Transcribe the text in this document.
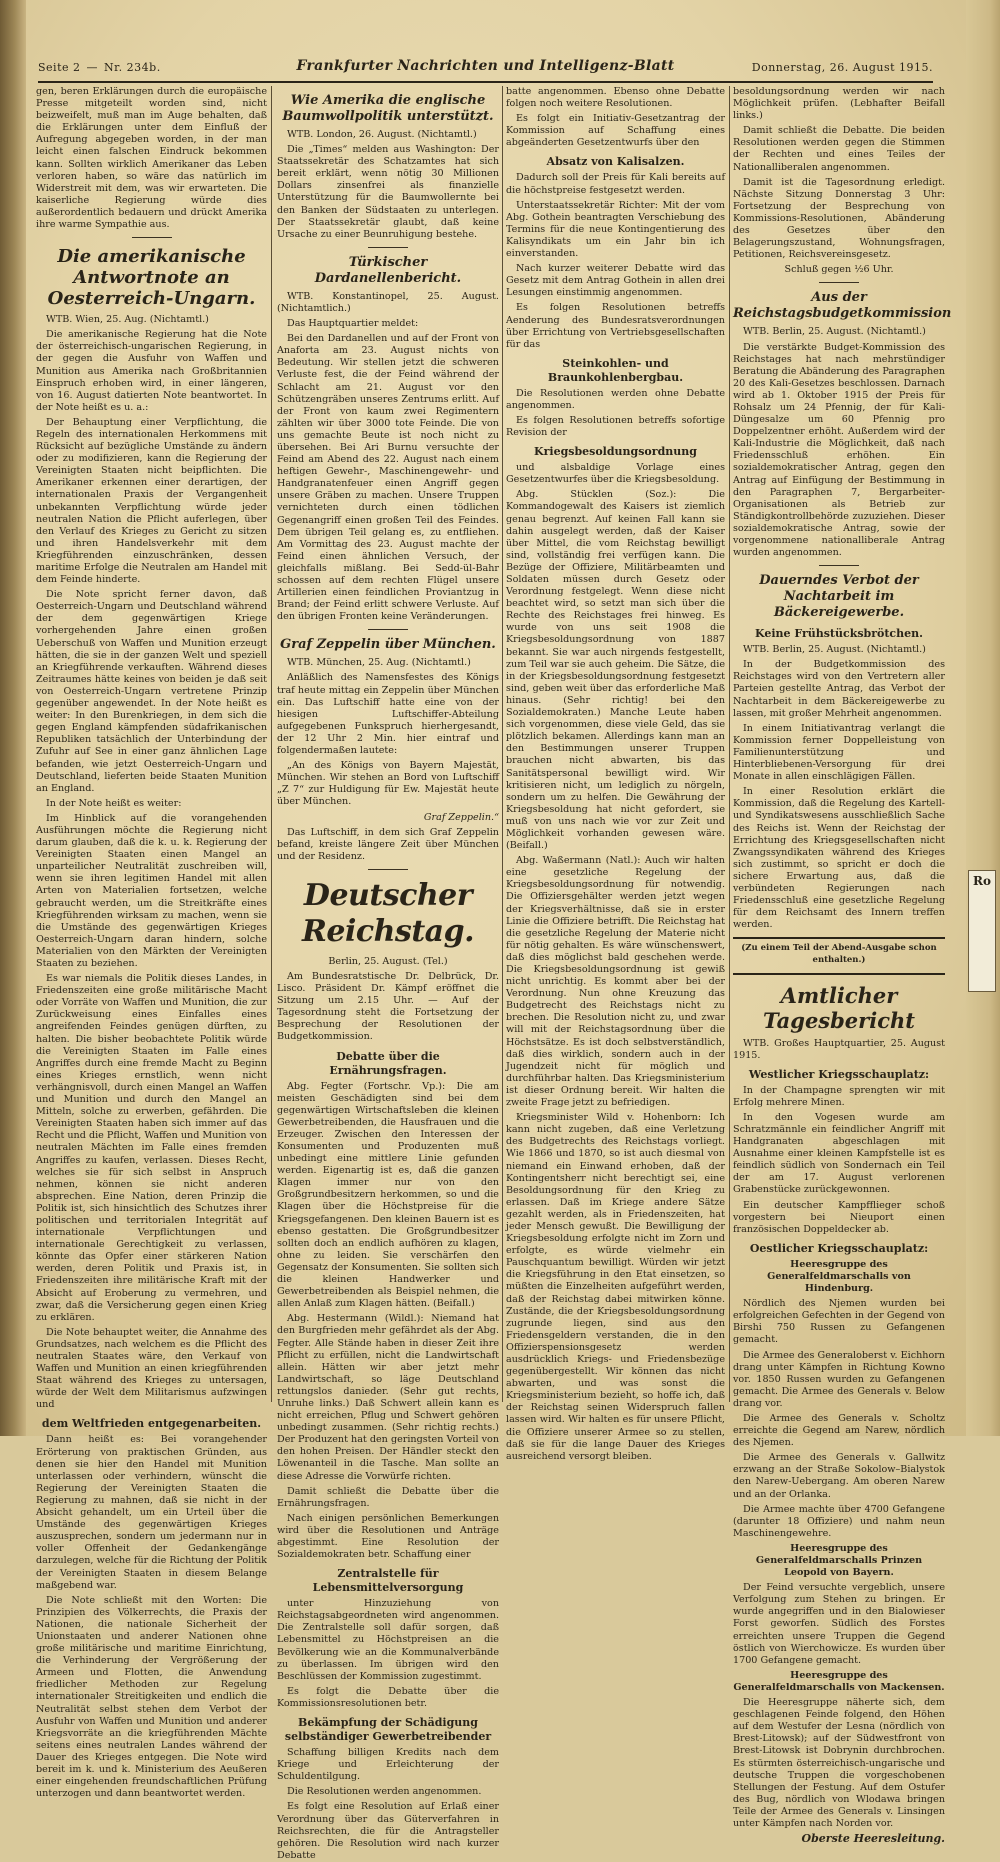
Ro
Seite 2 — Nr. 234b.	Frankfurter Nachrichten und Intelligenz-Blatt	Donnerstag, 26. August 1915.

gen, beren Erklärungen durch die europäische Presse mitgeteilt worden sind, nicht beizweifelt, muß man im Auge behalten, daß die Erklärungen unter dem Einfluß der Aufregung abgegeben worden, in der man leicht einen falschen Eindruck bekommen kann. Sollten wirklich Amerikaner das Leben verloren haben, so wäre das natürlich im Widerstreit mit dem, was wir erwarteten. Die kaiserliche Regierung würde dies außerordentlich bedauern und drückt Amerika ihre warme Sympathie aus.

Die amerikanische Antwortnote an Oesterreich-Ungarn.

WTB. Wien, 25. Aug. (Nichtamtl.)

Die amerikanische Regierung hat die Note der österreichisch-ungarischen Regierung, in der gegen die Ausfuhr von Waffen und Munition aus Amerika nach Großbritannien Einspruch erhoben wird, in einer längeren, von 16. August datierten Note beantwortet. In der Note heißt es u. a.:

Der Behauptung einer Verpflichtung, die Regeln des internationalen Herkommens mit Rücksicht auf bezügliche Umstände zu ändern oder zu modifizieren, kann die Regierung der Vereinigten Staaten nicht beipflichten. Die Amerikaner erkennen einer derartigen, der internationalen Praxis der Vergangenheit unbekannten Verpflichtung würde jeder neutralen Nation die Pflicht auferlegen, über den Verlauf des Krieges zu Gericht zu sitzen und ihren Handelsverkehr mit dem Kriegführenden einzuschränken, dessen maritime Erfolge die Neutralen am Handel mit dem Feinde hinderte.

Die Note spricht ferner davon, daß Oesterreich-Ungarn und Deutschland während der dem gegenwärtigen Kriege vorhergehenden Jahre einen großen Ueberschuß von Waffen und Munition erzeugt hätten, die sie in der ganzen Welt und speziell an Kriegführende verkauften. Während dieses Zeitraumes hätte keines von beiden je daß seit von Oesterreich-Ungarn vertretene Prinzip gegenüber angewendet. In der Note heißt es weiter: In den Burenkriegen, in dem sich die gegen England kämpfenden südafrikanischen Republiken tatsächlich der Unterbindung der Zufuhr auf See in einer ganz ähnlichen Lage befanden, wie jetzt Oesterreich-Ungarn und Deutschland, lieferten beide Staaten Munition an England.

In der Note heißt es weiter:

Im Hinblick auf die vorangehenden Ausführungen möchte die Regierung nicht darum glauben, daß die k. u. k. Regierung der Vereinigten Staaten einen Mangel an unparteilicher Neutralität zuschreiben will, wenn sie ihren legitimen Handel mit allen Arten von Materialien fortsetzen, welche gebraucht werden, um die Streitkräfte eines Kriegführenden wirksam zu machen, wenn sie die Umstände des gegenwärtigen Krieges Oesterreich-Ungarn daran hindern, solche Materialien von den Märkten der Vereinigten Staaten zu beziehen.

Es war niemals die Politik dieses Landes, in Friedenszeiten eine große militärische Macht oder Vorräte von Waffen und Munition, die zur Zurückweisung eines Einfalles eines angreifenden Feindes genügen dürften, zu halten. Die bisher beobachtete Politik würde die Vereinigten Staaten im Falle eines Angriffes durch eine fremde Macht zu Beginn eines Krieges ernstlich, wenn nicht verhängnisvoll, durch einen Mangel an Waffen und Munition und durch den Mangel an Mitteln, solche zu erwerben, gefährden. Die Vereinigten Staaten haben sich immer auf das Recht und die Pflicht, Waffen und Munition von neutralen Mächten im Falle eines fremden Angriffes zu kaufen, verlassen. Dieses Recht, welches sie für sich selbst in Anspruch nehmen, können sie nicht anderen absprechen. Eine Nation, deren Prinzip die Politik ist, sich hinsichtlich des Schutzes ihrer politischen und territorialen Integrität auf internationale Verpflichtungen und internationale Gerechtigkeit zu verlassen, könnte das Opfer einer stärkeren Nation werden, deren Politik und Praxis ist, in Friedenszeiten ihre militärische Kraft mit der Absicht auf Eroberung zu vermehren, und zwar, daß die Versicherung gegen einen Krieg zu erklären.

Die Note behauptet weiter, die Annahme des Grundsatzes, nach welchem es die Pflicht des neutralen Staates wäre, den Verkauf von Waffen und Munition an einen kriegführenden Staat während des Krieges zu untersagen, würde der Welt dem Militarismus aufzwingen und

dem Weltfrieden entgegenarbeiten.

Dann heißt es: Bei vorangehender Erörterung von praktischen Gründen, aus denen sie hier den Handel mit Munition unterlassen oder verhindern, wünscht die Regierung der Vereinigten Staaten die Regierung zu mahnen, daß sie nicht in der Absicht gehandelt, um ein Urteil über die Umstände des gegenwärtigen Krieges auszusprechen, sondern um jedermann nur in voller Offenheit der Gedankengänge darzulegen, welche für die Richtung der Politik der Vereinigten Staaten in diesem Belange maßgebend war.

Die Note schließt mit den Worten: Die Prinzipien des Völkerrechts, die Praxis der Nationen, die nationale Sicherheit der Unionstaaten und anderer Nationen ohne große militärische und maritime Einrichtung, die Verhinderung der Vergrößerung der Armeen und Flotten, die Anwendung friedlicher Methoden zur Regelung internationaler Streitigkeiten und endlich die Neutralität selbst stehen dem Verbot der Ausfuhr von Waffen und Munition und anderer Kriegsvorräte an die kriegführenden Mächte seitens eines neutralen Landes während der Dauer des Krieges entgegen. Die Note wird bereit im k. und k. Ministerium des Aeußeren einer eingehenden freundschaftlichen Prüfung unterzogen und dann beantwortet werden.

Wie Amerika die englische Baumwollpolitik unterstützt.

WTB. London, 26. August. (Nichtamtl.)

Die „Times“ melden aus Washington: Der Staatssekretär des Schatzamtes hat sich bereit erklärt, wenn nötig 30 Millionen Dollars zinsenfrei als finanzielle Unterstützung für die Baumwollernte bei den Banken der Südstaaten zu unterlegen. Der Staatssekretär glaubt, daß keine Ursache zu einer Beunruhigung bestehe.

Türkischer Dardanellenbericht.

WTB. Konstantinopel, 25. August. (Nichtamtlich.)

Das Hauptquartier meldet:

Bei den Dardanellen und auf der Front von Anaforta am 23. August nichts von Bedeutung. Wir stellen jetzt die schweren Verluste fest, die der Feind während der Schlacht am 21. August vor den Schützengräben unseres Zentrums erlitt. Auf der Front von kaum zwei Regimentern zählten wir über 3000 tote Feinde. Die von uns gemachte Beute ist noch nicht zu übersehen. Bei Ari Burnu versuchte der Feind am Abend des 22. August nach einem heftigen Gewehr-, Maschinengewehr- und Handgranatenfeuer einen Angriff gegen unsere Gräben zu machen. Unsere Truppen vernichteten durch einen tödlichen Gegenangriff einen großen Teil des Feindes. Dem übrigen Teil gelang es, zu entfliehen. Am Vormittag des 23. August machte der Feind einen ähnlichen Versuch, der gleichfalls mißlang. Bei Sedd-ül-Bahr schossen auf dem rechten Flügel unsere Artillerien einen feindlichen Proviantzug in Brand; der Feind erlitt schwere Verluste. Auf den übrigen Fronten keine Veränderungen.

Graf Zeppelin über München.

WTB. München, 25. Aug. (Nichtamtl.)

Anläßlich des Namensfestes des Königs traf heute mittag ein Zeppelin über München ein. Das Luftschiff hatte eine von der hiesigen Luftschiffer-Abteilung aufgegebenen Funkspruch hierhergesandt, der 12 Uhr 2 Min. hier eintraf und folgendermaßen lautete:

„An des Königs von Bayern Majestät, München. Wir stehen an Bord von Luftschiff „Z 7“ zur Huldigung für Ew. Majestät heute über München.

Graf Zeppelin.“

Das Luftschiff, in dem sich Graf Zeppelin befand, kreiste längere Zeit über München und der Residenz.

Deutscher Reichstag.

Berlin, 25. August. (Tel.)

Am Bundesratstische Dr. Delbrück, Dr. Lisco. Präsident Dr. Kämpf eröffnet die Sitzung um 2.15 Uhr. — Auf der Tagesordnung steht die Fortsetzung der Besprechung der Resolutionen der Budgetkommission.

Debatte über die Ernährungsfragen.

Abg. Fegter (Fortschr. Vp.): Die am meisten Geschädigten sind bei dem gegenwärtigen Wirtschaftsleben die kleinen Gewerbetreibenden, die Hausfrauen und die Erzeuger. Zwischen den Interessen der Konsumenten und Produzenten muß unbedingt eine mittlere Linie gefunden werden. Eigenartig ist es, daß die ganzen Klagen immer nur von den Großgrundbesitzern herkommen, so und die Klagen über die Höchstpreise für die Kriegsgefangenen. Den kleinen Bauern ist es ebenso gestatten. Die Großgrundbesitzer sollten doch an endlich aufhören zu klagen, ohne zu leiden. Sie verschärfen den Gegensatz der Konsumenten. Sie sollten sich die kleinen Handwerker und Gewerbetreibenden als Beispiel nehmen, die allen Anlaß zum Klagen hätten. (Beifall.)

Abg. Hestermann (Wildl.): Niemand hat den Burgfrieden mehr gefährdet als der Abg. Fegter. Alle Stände haben in dieser Zeit ihre Pflicht zu erfüllen, nicht die Landwirtschaft allein. Hätten wir aber jetzt mehr Landwirtschaft, so läge Deutschland rettungslos danieder. (Sehr gut rechts, Unruhe links.) Daß Schwert allein kann es nicht erreichen, Pflug und Schwert gehören unbedingt zusammen. (Sehr richtig rechts.) Der Produzent hat den geringsten Vorteil von den hohen Preisen. Der Händler steckt den Löwenanteil in die Tasche. Man sollte an diese Adresse die Vorwürfe richten.

Damit schließt die Debatte über die Ernährungsfragen.

Nach einigen persönlichen Bemerkungen wird über die Resolutionen und Anträge abgestimmt. Eine Resolution der Sozialdemokraten betr. Schaffung einer

Zentralstelle für Lebensmittelversorgung

unter Hinzuziehung von Reichstagsabgeordneten wird angenommen. Die Zentralstelle soll dafür sorgen, daß Lebensmittel zu Höchstpreisen an die Bevölkerung wie an die Kommunalverbände zu überlassen. Im übrigen wird den Beschlüssen der Kommission zugestimmt.

Es folgt die Debatte über die Kommissionsresolutionen betr.

Bekämpfung der Schädigung selbständiger Gewerbetreibender

Schaffung billigen Kredits nach dem Kriege und Erleichterung der Schuldentilgung.

Die Resolutionen werden angenommen.

Es folgt eine Resolution auf Erlaß einer Verordnung über das Güterverfahren in Reichsrechten, die für die Antragsteller gehören. Die Resolution wird nach kurzer Debatte

batte angenommen. Ebenso ohne Debatte folgen noch weitere Resolutionen.

Es folgt ein Initiativ-Gesetzantrag der Kommission auf Schaffung eines abgeänderten Gesetzentwurfs über den

Absatz von Kalisalzen.

Dadurch soll der Preis für Kali bereits auf die höchstpreise festgesetzt werden.

Unterstaatssekretär Richter: Mit der vom Abg. Gothein beantragten Verschiebung des Termins für die neue Kontingentierung des Kalisyndikats um ein Jahr bin ich einverstanden.

Nach kurzer weiterer Debatte wird das Gesetz mit dem Antrag Gothein in allen drei Lesungen einstimmig angenommen.

Es folgen Resolutionen betreffs Aenderung des Bundesratsverordnungen über Errichtung von Vertriebsgesellschaften für das

Steinkohlen- und Braunkohlenbergbau.

Die Resolutionen werden ohne Debatte angenommen.

Es folgen Resolutionen betreffs sofortige Revision der

Kriegsbesoldungsordnung

und alsbaldige Vorlage eines Gesetzentwurfes über die Kriegsbesoldung.

Abg. Stücklen (Soz.): Die Kommandogewalt des Kaisers ist ziemlich genau begrenzt. Auf keinen Fall kann sie dahin ausgelegt werden, daß der Kaiser über Mittel, die vom Reichstag bewilligt sind, vollständig frei verfügen kann. Die Bezüge der Offiziere, Militärbeamten und Soldaten müssen durch Gesetz oder Verordnung festgelegt. Wenn diese nicht beachtet wird, so setzt man sich über die Rechte des Reichstages frei hinweg. Es wurde von uns seit 1908 die Kriegsbesoldungsordnung von 1887 bekannt. Sie war auch nirgends festgestellt, zum Teil war sie auch geheim. Die Sätze, die in der Kriegsbesoldungsordnung festgesetzt sind, geben weit über das erforderliche Maß hinaus. (Sehr richtig! bei den Sozialdemokraten.) Manche Leute haben sich vorgenommen, diese viele Geld, das sie plötzlich bekamen. Allerdings kann man an den Bestimmungen unserer Truppen brauchen nicht abwarten, bis das Sanitätspersonal bewilligt wird. Wir kritisieren nicht, um lediglich zu nörgeln, sondern um zu helfen. Die Gewährung der Kriegsbesoldung hat nicht gefordert, sie muß von uns nach wie vor zur Zeit und Möglichkeit vorhanden gewesen wäre. (Beifall.)

Abg. Waßermann (Natl.): Auch wir halten eine gesetzliche Regelung der Kriegsbesoldungsordnung für notwendig. Die Offiziersgehälter werden jetzt wegen der Kriegsverhältnisse, daß sie in erster Linie die Offiziere betrifft. Die Reichstag hat die gesetzliche Regelung der Materie nicht für nötig gehalten. Es wäre wünschenswert, daß dies möglichst bald geschehen werde. Die Kriegsbesoldungsordnung ist gewiß nicht unrichtig. Es kommt aber bei der Verordnung. Nun ohne Kreuzung das Budgetrecht des Reichstags nicht zu brechen. Die Resolution nicht zu, und zwar will mit der Reichstagsordnung über die Höchstsätze. Es ist doch selbstverständlich, daß dies wirklich, sondern auch in der Jugendzeit nicht für möglich und durchführbar halten. Das Kriegsministerium ist dieser Ordnung bereit. Wir halten die zweite Frage jetzt zu befriedigen.

Kriegsminister Wild v. Hohenborn: Ich kann nicht zugeben, daß eine Verletzung des Budgetrechts des Reichstags vorliegt. Wie 1866 und 1870, so ist auch diesmal von niemand ein Einwand erhoben, daß der Kontingentsherr nicht berechtigt sei, eine Besoldungsordnung für den Krieg zu erlassen. Daß im Kriege andere Sätze gezahlt werden, als in Friedenszeiten, hat jeder Mensch gewußt. Die Bewilligung der Kriegsbesoldung erfolgte nicht im Zorn und erfolgte, es würde vielmehr ein Pauschquantum bewilligt. Würden wir jetzt die Kriegsführung in den Etat einsetzen, so müßten die Einzelheiten aufgeführt werden, daß der Reichstag dabei mitwirken könne. Zustände, die der Kriegsbesoldungsordnung zugrunde liegen, sind aus den Friedensgeldern verstanden, die in den Offizierspensionsgesetz werden ausdrücklich Kriegs- und Friedensbezüge gegenübergestellt. Wir können das nicht abwarten, und was sonst die Kriegsministerium bezieht, so hoffe ich, daß der Reichstag seinen Widerspruch fallen lassen wird. Wir halten es für unsere Pflicht, die Offiziere unserer Armee so zu stellen, daß sie für die lange Dauer des Krieges ausreichend versorgt bleiben.

besoldungsordnung werden wir nach Möglichkeit prüfen. (Lebhafter Beifall links.)

Damit schließt die Debatte. Die beiden Resolutionen werden gegen die Stimmen der Rechten und eines Teiles der Nationalliberalen angenommen.

Damit ist die Tagesordnung erledigt. Nächste Sitzung Donnerstag 3 Uhr: Fortsetzung der Besprechung von Kommissions-Resolutionen, Abänderung des Gesetzes über den Belagerungszustand, Wohnungsfragen, Petitionen, Reichsvereinsgesetz.

Schluß gegen ½6 Uhr.

Aus der Reichstagsbudgetkommission

WTB. Berlin, 25. August. (Nichtamtl.)

Die verstärkte Budget-Kommission des Reichstages hat nach mehrstündiger Beratung die Abänderung des Paragraphen 20 des Kali-Gesetzes beschlossen. Darnach wird ab 1. Oktober 1915 der Preis für Rohsalz um 24 Pfennig, der für Kali-Düngesalze um 60 Pfennig pro Doppelzentner erhöht. Außerdem wird der Kali-Industrie die Möglichkeit, daß nach Friedensschluß erhöhen. Ein sozialdemokratischer Antrag, gegen den Antrag auf Einfügung der Bestimmung in den Paragraphen 7, Bergarbeiter-Organisationen als Betrieb zur Ständigkontrollbehörde zuzuziehen. Dieser sozialdemokratische Antrag, sowie der vorgenommene nationalliberale Antrag wurden angenommen.

Dauerndes Verbot der Nachtarbeit im Bäckereigewerbe.
Keine Frühstücksbrötchen.

WTB. Berlin, 25. August. (Nichtamtl.)

In der Budgetkommission des Reichstages wird von den Vertretern aller Parteien gestellte Antrag, das Verbot der Nachtarbeit in dem Bäckereigewerbe zu lassen, mit großer Mehrheit angenommen.

In einem Initiativantrag verlangt die Kommission ferner Doppelleistung von Familienunterstützung und Hinterbliebenen-Versorgung für drei Monate in allen einschlägigen Fällen.

In einer Resolution erklärt die Kommission, daß die Regelung des Kartell- und Syndikatswesens ausschließlich Sache des Reichs ist. Wenn der Reichstag der Errichtung des Kriegsgesellschaften nicht Zwangssyndikaten während des Krieges sich zustimmt, so spricht er doch die sichere Erwartung aus, daß die verbündeten Regierungen nach Friedensschluß eine gesetzliche Regelung für dem Reichsamt des Innern treffen werden.

(Zu einem Teil der Abend-Ausgabe schon enthalten.)

Amtlicher Tagesbericht

WTB. Großes Hauptquartier, 25. August 1915.

Westlicher Kriegsschauplatz:

In der Champagne sprengten wir mit Erfolg mehrere Minen.

In den Vogesen wurde am Schratzmännle ein feindlicher Angriff mit Handgranaten abgeschlagen mit Ausnahme einer kleinen Kampfstelle ist es feindlich südlich von Sondernach ein Teil der am 17. August verlorenen Grabenstücke zurückgewonnen.

Ein deutscher Kampfflieger schoß vorgestern bei Nieuport einen französischen Doppeldecker ab.

Oestlicher Kriegsschauplatz:

Heeresgruppe des Generalfeldmarschalls von Hindenburg.

Nördlich des Njemen wurden bei erfolgreichen Gefechten in der Gegend von Birshi 750 Russen zu Gefangenen gemacht.

Die Armee des Generaloberst v. Eichhorn drang unter Kämpfen in Richtung Kowno vor. 1850 Russen wurden zu Gefangenen gemacht. Die Armee des Generals v. Below drang vor.

Die Armee des Generals v. Scholtz erreichte die Gegend am Narew, nördlich des Njemen.

Die Armee des Generals v. Gallwitz erzwang an der Straße Sokolow–Bialystok den Narew-Uebergang. Am oberen Narew und an der Orlanka.

Die Armee machte über 4700 Gefangene (darunter 18 Offiziere) und nahm neun Maschinengewehre.

Heeresgruppe des Generalfeldmarschalls Prinzen Leopold von Bayern.

Der Feind versuchte vergeblich, unsere Verfolgung zum Stehen zu bringen. Er wurde angegriffen und in den Bialowieser Forst geworfen. Südlich des Forstes erreichten unsere Truppen die Gegend östlich von Wierchowicze. Es wurden über 1700 Gefangene gemacht.

Heeresgruppe des Generalfeldmarschalls von Mackensen.

Die Heeresgruppe näherte sich, dem geschlagenen Feinde folgend, den Höhen auf dem Westufer der Lesna (nördlich von Brest-Litowsk); auf der Südwestfront von Brest-Litowsk ist Dobrynin durchbrochen. Es stürmten österreichisch-ungarische und deutsche Truppen die vorgeschobenen Stellungen der Festung. Auf dem Ostufer des Bug, nördlich von Wlodawa bringen Teile der Armee des Generals v. Linsingen unter Kämpfen nach Norden vor.

Oberste Heeresleitung.
